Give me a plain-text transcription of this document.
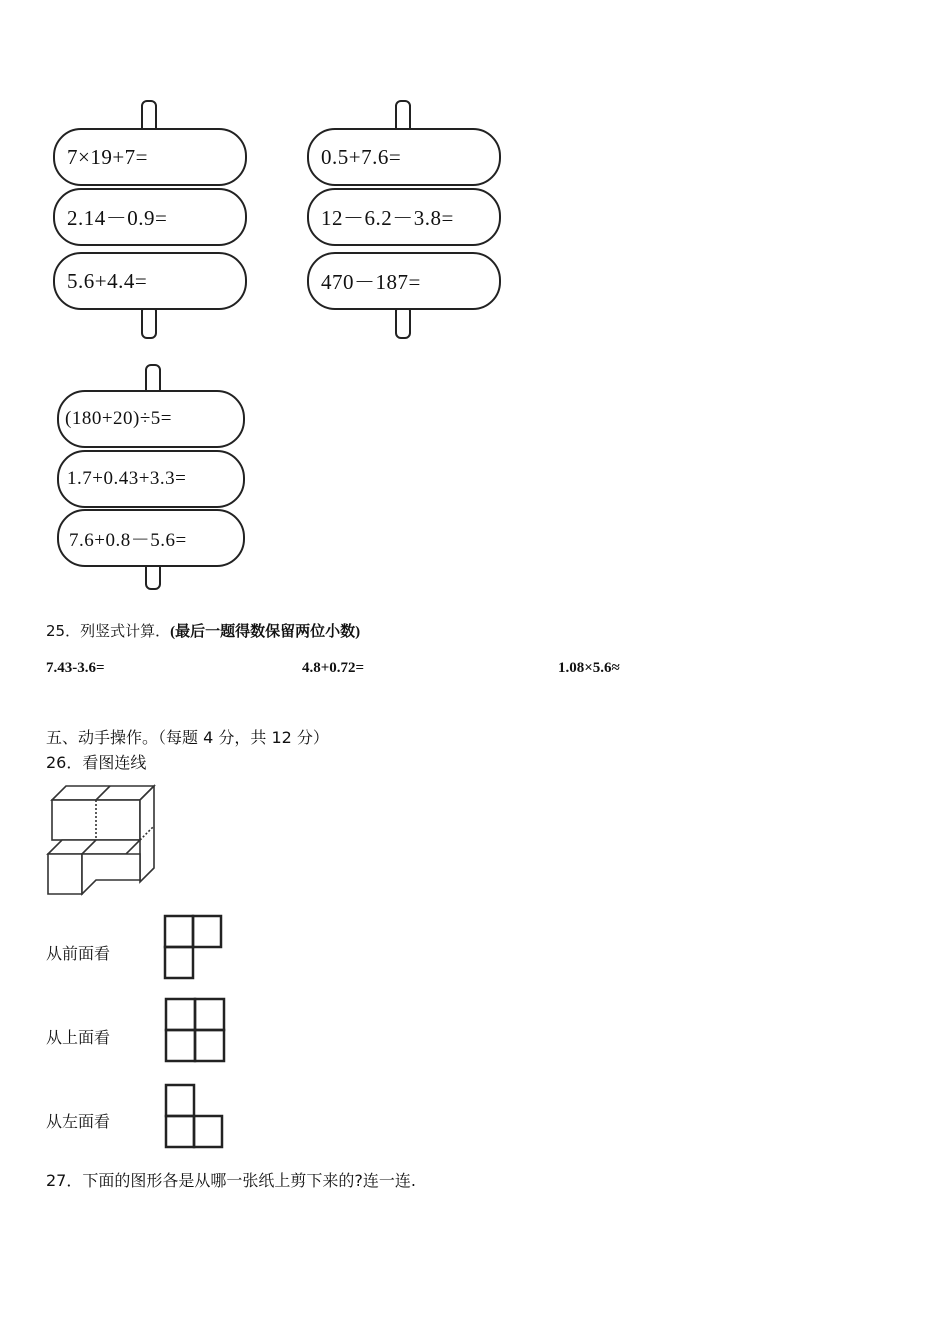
7×19+7=
2.14－0.9=
5.6+4.4=
0.5+7.6=
12－6.2－3.8=
470－187=
(180+20)÷5=
1.7+0.43+3.3=
7.6+0.8－5.6=
25．列竖式计算．(最后一题得数保留两位小数)
7.43-3.6=	4.8+0.72=	1.08×5.6≈
五、动手操作。（每题 4 分，共 12 分）
26．看图连线
从前面看
从上面看
从左面看
27．下面的图形各是从哪一张纸上剪下来的?连一连.
